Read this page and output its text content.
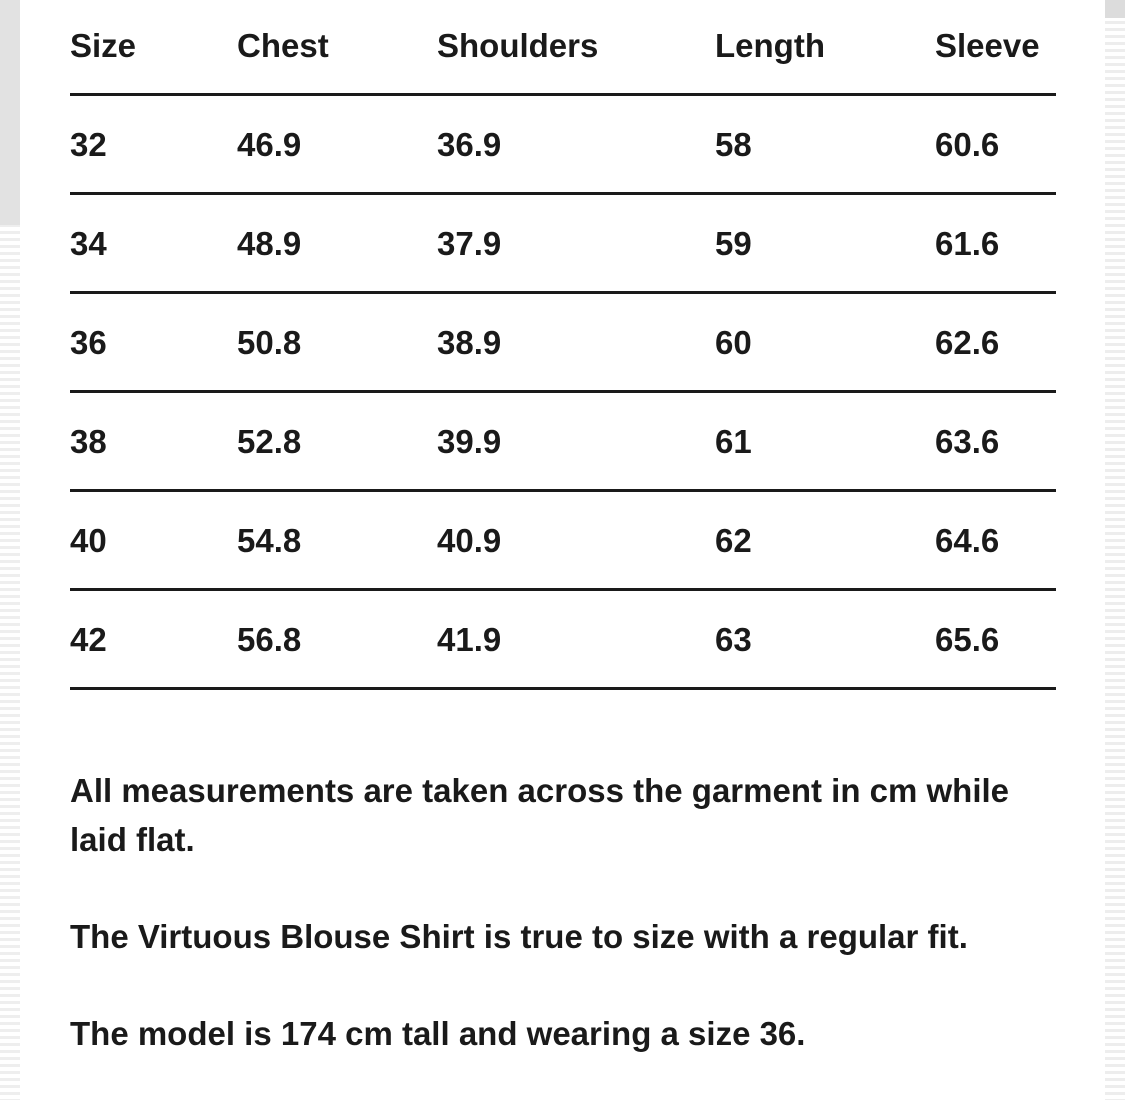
Size	Chest	Shoulders	Length	Sleeve
32	46.9	36.9	58	60.6
34	48.9	37.9	59	61.6
36	50.8	38.9	60	62.6
38	52.8	39.9	61	63.6
40	54.8	40.9	62	64.6
42	56.8	41.9	63	65.6

All measurements are taken across the garment in cm while laid flat.

The Virtuous Blouse Shirt is true to size with a regular fit.

The model is 174 cm tall and wearing a size 36.
